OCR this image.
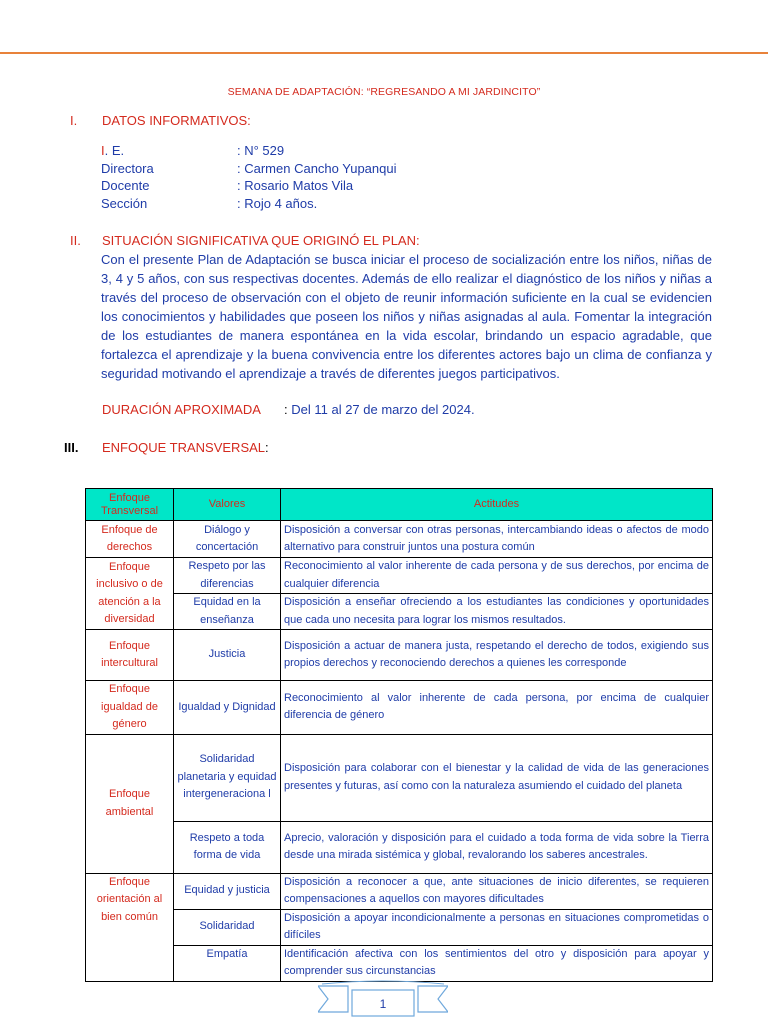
SEMANA DE ADAPTACIÓN: “REGRESANDO A MI JARDINCITO”
I. DATOS INFORMATIVOS:
I. E.	: N° 529
Directora	: Carmen Cancho Yupanqui
Docente	: Rosario Matos Vila
Sección	: Rojo 4 años.
II. SITUACIÓN SIGNIFICATIVA QUE ORIGINÓ EL PLAN:
Con el presente Plan de Adaptación se busca iniciar el proceso de socialización entre los niños, niñas de 3, 4 y 5 años, con sus respectivas docentes. Además de ello realizar el diagnóstico de los niños y niñas a través del proceso de observación con el objeto de reunir información suficiente en la cual se evidencien los conocimientos y habilidades que poseen los niños y niñas asignadas al aula. Fomentar la integración de los estudiantes de manera espontánea en la vida escolar, brindando un espacio agradable, que fortalezca el aprendizaje y la buena convivencia entre los diferentes actores bajo un clima de confianza y seguridad motivando el aprendizaje a través de diferentes juegos participativos.
DURACIÓN APROXIMADA : Del 11 al 27 de marzo del 2024.
III. ENFOQUE TRANSVERSAL:
Enfoque Transversal	Valores	Actitudes
Enfoque de derechos	Diálogo y concertación	Disposición a conversar con otras personas, intercambiando ideas o afectos de modo alternativo para construir juntos una postura común
Enfoque inclusivo o de atención a la diversidad	Respeto por las diferencias	Reconocimiento al valor inherente de cada persona y de sus derechos, por encima de cualquier diferencia
	Equidad en la enseñanza	Disposición a enseñar ofreciendo a los estudiantes las condiciones y oportunidades que cada uno necesita para lograr los mismos resultados.
Enfoque intercultural	Justicia	Disposición a actuar de manera justa, respetando el derecho de todos, exigiendo sus propios derechos y reconociendo derechos a quienes les corresponde
Enfoque igualdad de género	Igualdad y Dignidad	Reconocimiento al valor inherente de cada persona, por encima de cualquier diferencia de género
Enfoque ambiental	Solidaridad planetaria y equidad intergeneraciona l	Disposición para colaborar con el bienestar y la calidad de vida de las generaciones presentes y futuras, así como con la naturaleza asumiendo el cuidado del planeta
	Respeto a toda forma de vida	Aprecio, valoración y disposición para el cuidado a toda forma de vida sobre la Tierra desde una mirada sistémica y global, revalorando los saberes ancestrales.
Enfoque orientación al bien común	Equidad y justicia	Disposición a reconocer a que, ante situaciones de inicio diferentes, se requieren compensaciones a aquellos con mayores dificultades
	Solidaridad	Disposición a apoyar incondicionalmente a personas en situaciones comprometidas o difíciles
	Empatía	Identificación afectiva con los sentimientos del otro y disposición para apoyar y comprender sus circunstancias
1
